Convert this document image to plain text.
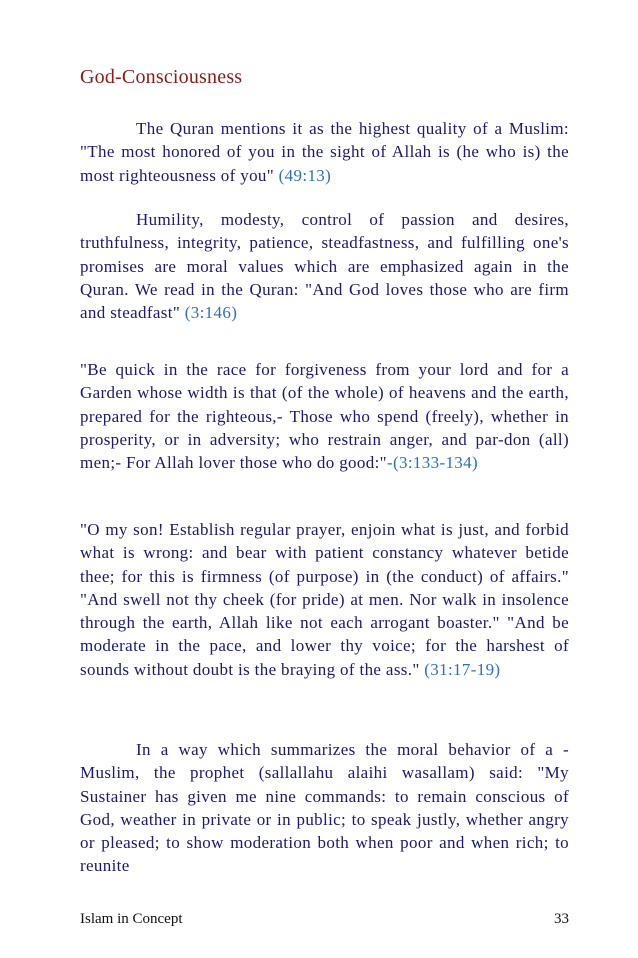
God-Consciousness

The Quran mentions it as the highest quality of a Muslim: "The most honored of you in the sight of Allah is (he who is) the most righteousness of you" (49:13)

Humility, modesty, control of passion and desires, truthfulness, integrity, patience, steadfastness, and fulfilling one's promises are moral values which are emphasized again in the Quran. We read in the Quran: "And God loves those who are firm and steadfast" (3:146)

"Be quick in the race for forgiveness from your lord and for a Garden whose width is that (of the whole) of heavens and the earth, prepared for the righteous,- Those who spend (freely), whether in prosperity, or in adversity; who restrain anger, and par-don (all) men;- For Allah lover those who do good:"-(3:133-134)

"O my son! Establish regular prayer, enjoin what is just, and forbid what is wrong: and bear with patient constancy whatever betide thee; for this is firmness (of purpose) in (the conduct) of affairs." "And swell not thy cheek (for pride) at men. Nor walk in insolence through the earth, Allah like not each arrogant boaster." "And be moderate in the pace, and lower thy voice; for the harshest of sounds without doubt is the braying of the ass." (31:17-19)

In a way which summarizes the moral behavior of a -Muslim, the prophet (sallallahu alaihi wasallam) said: "My Sustainer has given me nine commands: to remain conscious of God, weather in private or in public; to speak justly, whether angry or pleased; to show moderation both when poor and when rich; to reunite

Islam in Concept	33
